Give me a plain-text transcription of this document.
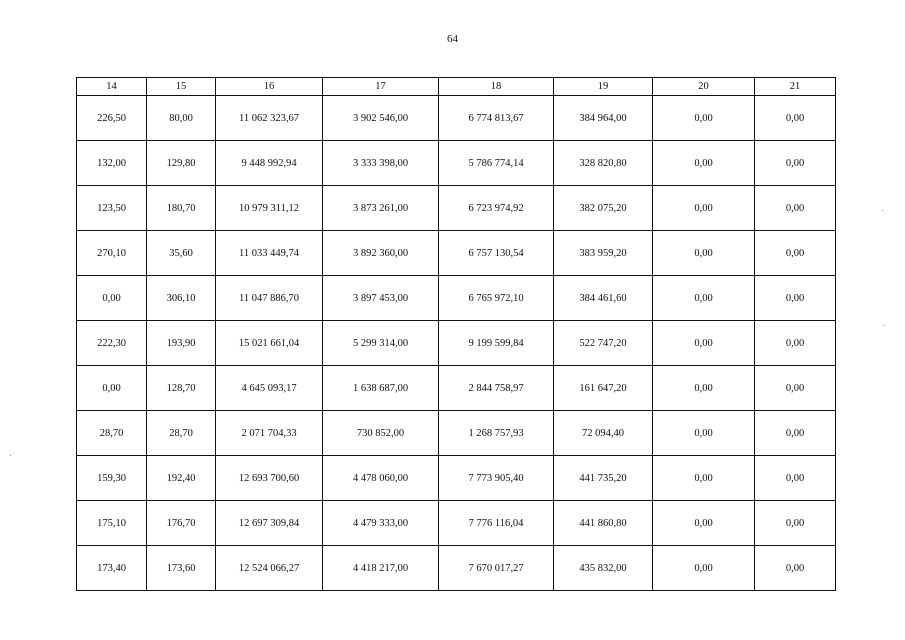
64
14	15	16	17	18	19	20	21
226,50	80,00	11 062 323,67	3 902 546,00	6 774 813,67	384 964,00	0,00	0,00
132,00	129,80	9 448 992,94	3 333 398,00	5 786 774,14	328 820,80	0,00	0,00
123,50	180,70	10 979 311,12	3 873 261,00	6 723 974,92	382 075,20	0,00	0,00
270,10	35,60	11 033 449,74	3 892 360,00	6 757 130,54	383 959,20	0,00	0,00
0,00	306,10	11 047 886,70	3 897 453,00	6 765 972,10	384 461,60	0,00	0,00
222,30	193,90	15 021 661,04	5 299 314,00	9 199 599,84	522 747,20	0,00	0,00
0,00	128,70	4 645 093,17	1 638 687,00	2 844 758,97	161 647,20	0,00	0,00
28,70	28,70	2 071 704,33	730 852,00	1 268 757,93	72 094,40	0,00	0,00
159,30	192,40	12 693 700,60	4 478 060,00	7 773 905,40	441 735,20	0,00	0,00
175,10	176,70	12 697 309,84	4 479 333,00	7 776 116,04	441 860,80	0,00	0,00
173,40	173,60	12 524 066,27	4 418 217,00	7 670 017,27	435 832,00	0,00	0,00
